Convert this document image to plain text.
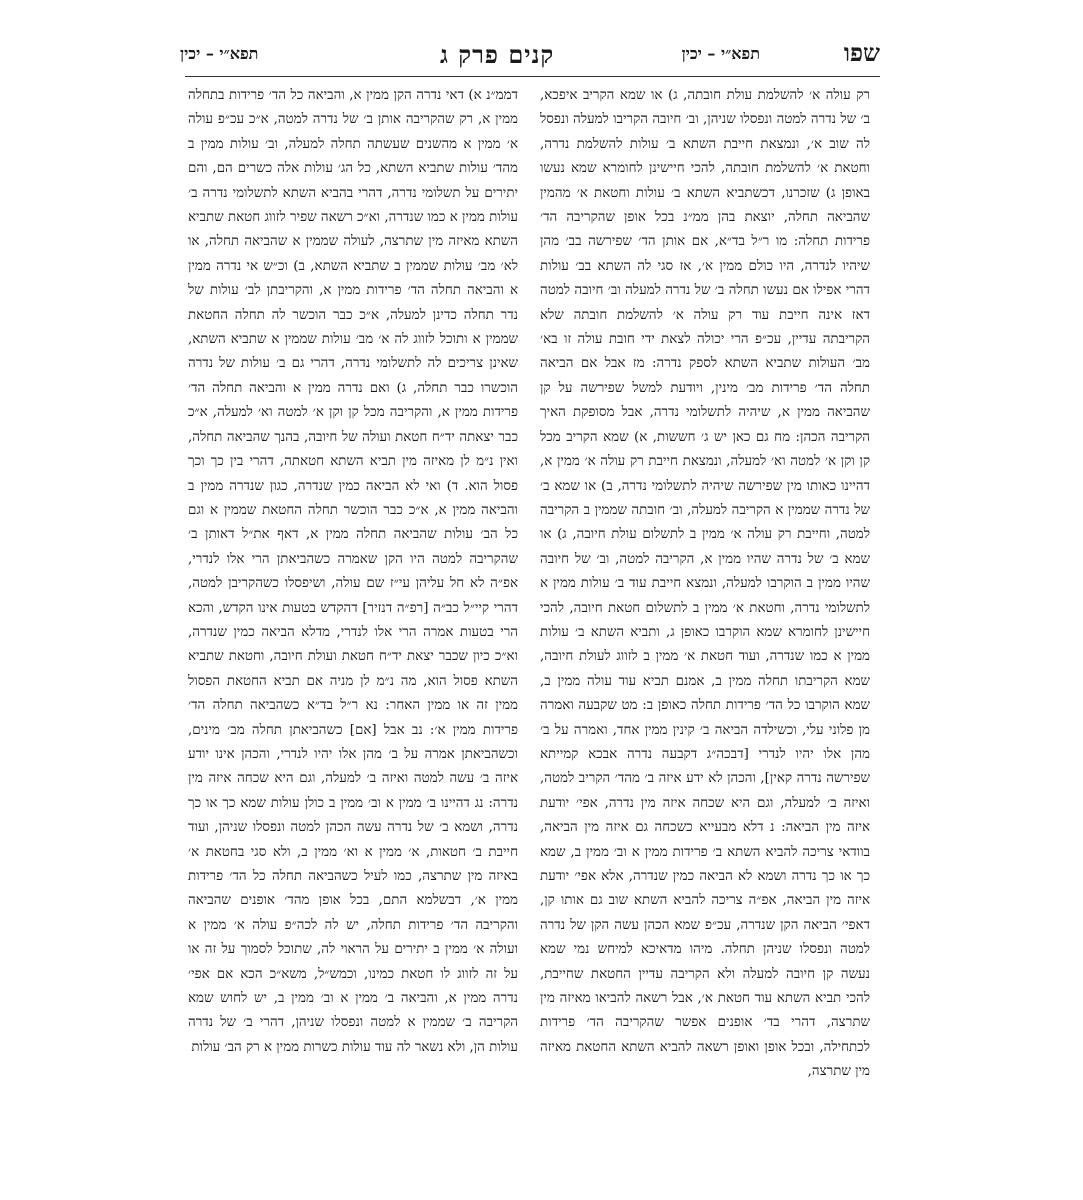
שפו
תפא״י – יכין
קנים פרק ג
תפא״י – יכין

רק עולה א׳ להשלמת עולת חובתה, ג) או שמא הקריב איפכא, ב׳ של נדרה למטה ונפסלו שניהן, וב׳ חיובה הקריבו למעלה ונפסל לה שוב א׳, ונמצאת חייבת השתא ב׳ עולות להשלמת נדרה, וחטאת א׳ להשלמת חובתה, להכי חיישינן לחומרא שמא נעשו באופן ג) שזכרנו, דכשתביא השתא ב׳ עולות וחטאת א׳ מהמין שהביאה תחלה, יוצאת בהן ממ״נ בכל אופן שהקריבה הד׳ פרידות תחלה: מו ר״ל בד״א, אם אותן הד׳ שפירשה בב׳ מהן שיהיו לנדרה, היו כולם ממין א׳, אז סגי לה השתא בב׳ עולות דהרי אפילו אם נעשו תחלה ב׳ של נדרה למעלה וב׳ חיובה למטה דאז אינה חייבת עוד רק עולה א׳ להשלמת חובתה שלא הקריבתה עדיין, עכ״פ הרי יכולה לצאת ידי חובת עולה זו בא׳ מב׳ העולות שתביא השתא לספק נדרה: מז אבל אם הביאה תחלה הד׳ פרידות מב׳ מינין, ויודעת למשל שפירשה על קן שהביאה ממין א, שיהיה לתשלומי נדרה, אבל מסופקת האיך הקריבה הכהן: מח גם כאן יש ג׳ חששות, א) שמא הקריב מכל קן וקן א׳ למטה וא׳ למעלה, ונמצאת חייבת רק עולה א׳ ממין א, דהיינו כאותו מין שפירשה שיהיה לתשלומי נדרה, ב) או שמא ב׳ של נדרה שממין א הקריבה למעלה, וב׳ חובתה שממין ב הקריבה למטה, וחייבת רק עולה א׳ ממין ב לתשלום עולת חיובה, ג) או שמא ב׳ של נדרה שהיו ממין א, הקריבה למטה, וב׳ של חיובה שהיו ממין ב הוקרבו למעלה, ונמצא חייבת עוד ב׳ עולות ממין א לתשלומי נדרה, וחטאת א׳ ממין ב לתשלום חטאת חיובה, להכי חיישינן לחומרא שמא הוקרבו כאופן ג, ותביא השתא ב׳ עולות ממין א כמו שנדרה, ועוד חטאת א׳ ממין ב לזווג לעולת חיובה, שמא הקריבתו תחלה ממין ב, אמנם תביא עוד עולה ממין ב, שמא הוקרבו כל הד׳ פרידות תחלה כאופן ב: מט שקבעה ואמרה מן פלוני עלי, וכשילדה הביאה ב׳ קינין ממין אחד, ואמרה על ב׳ מהן אלו יהיו לנדרי [דבכה״ג דקבעה נדרה אבכא קמייתא שפירשה נדרה קאין], והכהן לא ידע איזה ב׳ מהד׳ הקריב למטה, ואיזה ב׳ למעלה, וגם היא שכחה איזה מין נדרה, אפי׳ יודעת איזה מין הביאה: נ דלא מבעייא כשכחה גם איזה מין הביאה, בוודאי צריכה להביא השתא ב׳ פרידות ממין א וב׳ ממין ב, שמא כך או כך נדרה ושמא לא הביאה כמין שנדרה, אלא אפי׳ יודעת איזה מין הביאה, אפ״ה צריכה להביא השתא שוב גם אותו קן, דאפי׳ הביאה הקן שנדרה, עכ״פ שמא הכהן עשה הקן של נדרה למטה ונפסלו שניהן תחלה. מיהו מדאיכא למיחש נמי שמא נעשה קן חיובה למעלה ולא הקריבה עדיין החטאת שחייבת, להכי תביא השתא עוד חטאת א׳, אבל רשאה להביאו מאיזה מין שתרצה, דהרי בד׳ אופנים אפשר שהקריבה הד׳ פרידות לכתחילה, ובכל אופן ואופן רשאה להביא השתא החטאת מאיזה מין שתרצה,

דממ״נ א) דאי נדרה הקן ממין א, והביאה כל הד׳ פרידות בתחלה ממין א, רק שהקריבה אותן ב׳ של נדרה למטה, א״כ עכ״פ עולה א׳ ממין א מהשנים שעשתה תחלה למעלה, וב׳ עולות ממין ב מהד׳ עולות שתביא השתא, כל הג׳ עולות אלה כשרים הם, והם יתירים על תשלומי נדרה, דהרי בהביא השתא לתשלומי נדרה ב׳ עולות ממין א כמו שנדרה, וא״כ רשאה שפיר לזווג חטאת שתביא השתא מאיזה מין שתרצה, לעולה שממין א שהביאה תחלה, או לא׳ מב׳ עולות שממין ב שתביא השתא, ב) וכ״ש אי נדרה ממין א והביאה תחלה הד׳ פרידות ממין א, והקריבתן לב׳ עולות של נדר תחלה כדינן למעלה, א״כ כבר הוכשר לה תחלה החטאת שממין א ותוכל לזווג לה א׳ מב׳ עולות שממין א שתביא השתא, שאינן צריכים לה לתשלומי נדרה, דהרי גם ב׳ עולות של נדרה הוכשרו כבר תחלה, ג) ואם נדרה ממין א והביאה תחלה הד׳ פרידות ממין א, והקריבה מכל קן וקן א׳ למטה וא׳ למעלה, א״כ כבר יצאתה יד״ח חטאת ועולה של חיובה, בהנך שהביאה תחלה, ואין נ״מ לן מאיזה מין תביא השתא חטאתה, דהרי בין כך וכך פסול הוא. ד) ואי לא הביאה כמין שנדרה, כגון שנדרה ממין ב והביאה ממין א, א״כ כבר הוכשר תחלה החטאת שממין א וגם כל הב׳ עולות שהביאה תחלה ממין א, דאף את״ל דאותן ב׳ שהקריבה למטה היו הקן שאמרה כשהביאתן הרי אלו לנדרי, אפ״ה לא חל עליהן עי״ז שם עולה, ושיפסלו כשהקריבן למטה, דהרי קיי״ל כב״ה [רפ״ה דנזיר] דהקדש בטעות אינו הקדש, והכא הרי בטעות אמרה הרי אלו לנדרי, מדלא הביאה כמין שנדרה, וא״כ כיון שכבר יצאת יד״ח חטאת ועולת חיובה, וחטאת שתביא השתא פסול הוא, מה נ״מ לן מניה אם תביא החטאת הפסול ממין זה או ממין האחר: נא ר״ל בד״א כשהביאה תחלה הד׳ פרידות ממין א׳: נב אבל [אם] כשהביאתן תחלה מב׳ מינים, וכשהביאתן אמרה על ב׳ מהן אלו יהיו לנדרי, והכהן אינו יודע איזה ב׳ עשה למטה ואיזה ב׳ למעלה, וגם היא שכחה איזה מין נדרה: נג דהיינו ב׳ ממין א וב׳ ממין ב כולן עולות שמא כך או כך נדרה, ושמא ב׳ של נדרה עשה הכהן למטה ונפסלו שניהן, ועוד חייבת ב׳ חטאות, א׳ ממין א וא׳ ממין ב, ולא סגי בחטאת א׳ באיזה מין שתרצה, כמו לעיל כשהביאה תחלה כל הד׳ פרידות ממין א׳, דבשלמא התם, בכל אופן מהד׳ אופנים שהביאה והקריבה הד׳ פרידות תחלה, יש לה לכה״פ עולה א׳ ממין א ועולה א׳ ממין ב יתירים על הראוי לה, שתוכל לסמוך על זה או על זה לזווג לו חטאת כמינו, וכמש״ל, משא״כ הכא אם אפי׳ נדרה ממין א, והביאה ב׳ ממין א וב׳ ממין ב, יש לחוש שמא הקריבה ב׳ שממין א למטה ונפסלו שניהן, דהרי ב׳ של נדרה עולות הן, ולא נשאר לה עוד עולות כשרות ממין א רק הב׳ עולות
